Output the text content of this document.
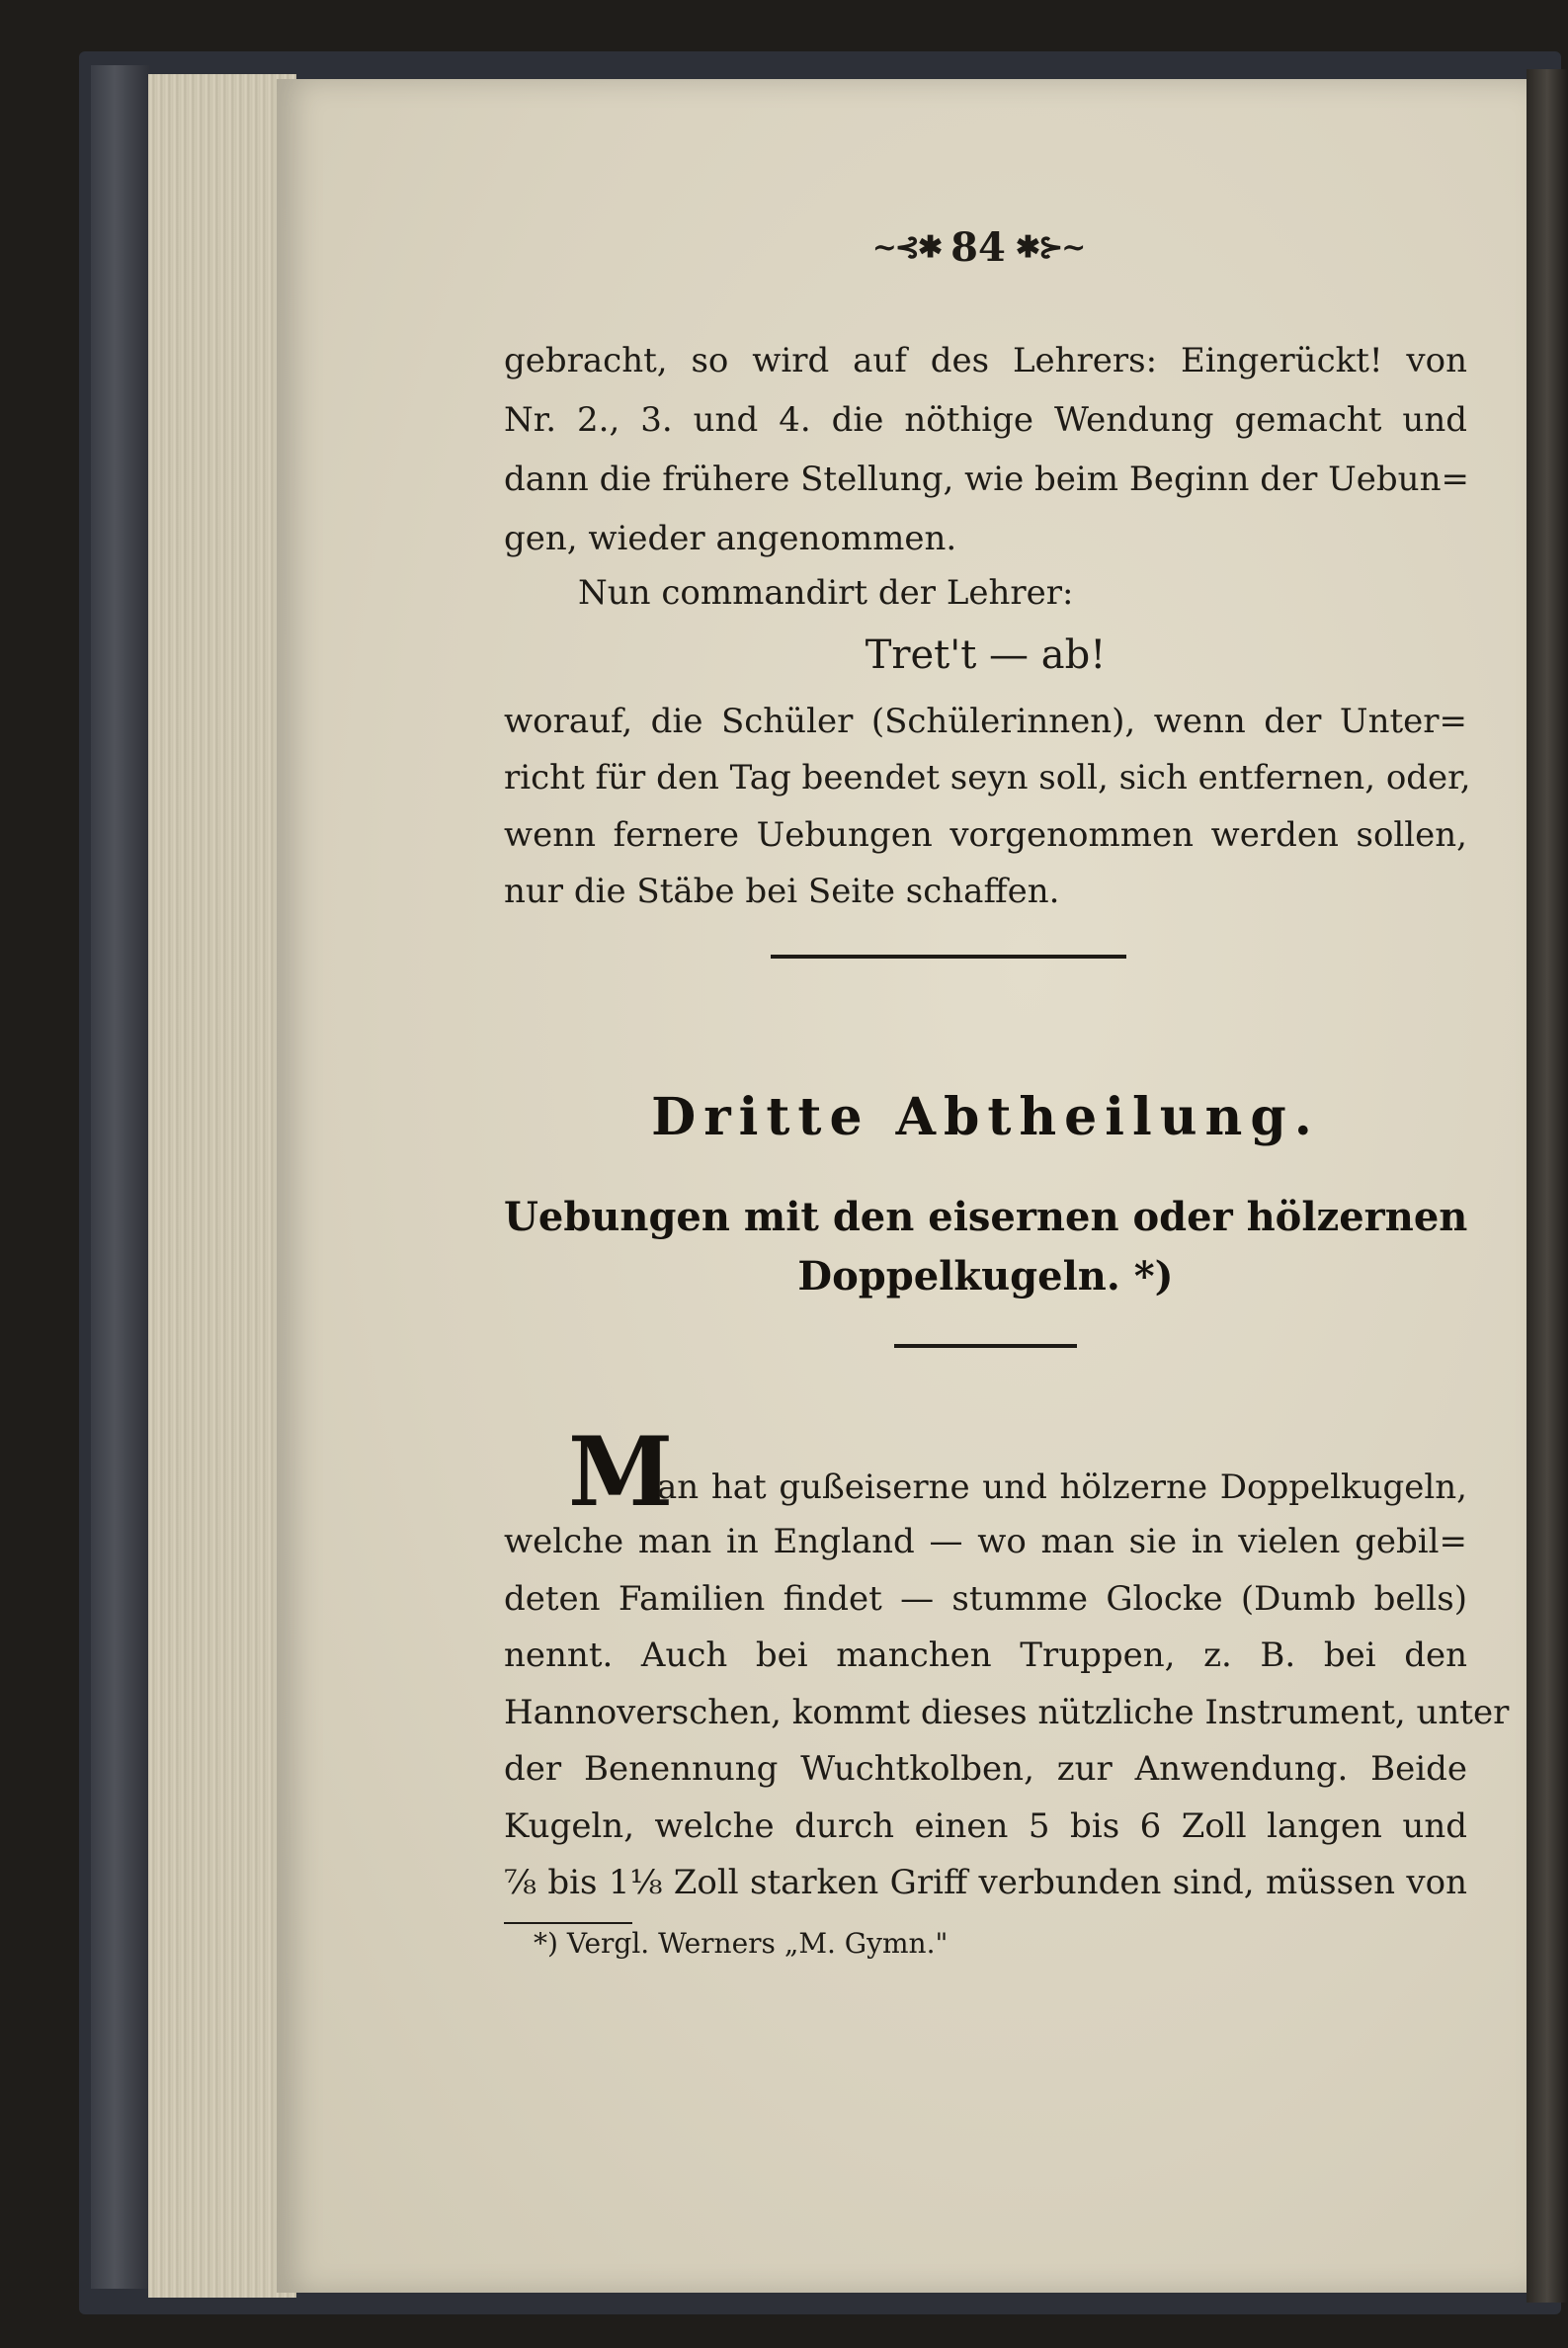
~⊰✱ 84 ✱⊱~
gebracht, so wird auf des Lehrers: Eingerückt! von
Nr. 2., 3. und 4. die nöthige Wendung gemacht und
dann die frühere Stellung, wie beim Beginn der Uebun=
gen, wieder angenommen.
Nun commandirt der Lehrer:
Tret't — ab!
worauf, die Schüler (Schülerinnen), wenn der Unter=
richt für den Tag beendet seyn soll, sich entfernen, oder,
wenn fernere Uebungen vorgenommen werden sollen,
nur die Stäbe bei Seite schaffen.
Dritte Abtheilung.
Uebungen mit den eisernen oder hölzernen
Doppelkugeln. *)
M
an hat gußeiserne und hölzerne Doppelkugeln,
welche man in England — wo man sie in vielen gebil=
deten Familien findet — stumme Glocke (Dumb bells)
nennt. Auch bei manchen Truppen, z. B. bei den
Hannoverschen, kommt dieses nützliche Instrument, unter
der Benennung Wuchtkolben, zur Anwendung. Beide
Kugeln, welche durch einen 5 bis 6 Zoll langen und
⅞ bis 1⅛ Zoll starken Griff verbunden sind, müssen von
*) Vergl. Werners „M. Gymn."
